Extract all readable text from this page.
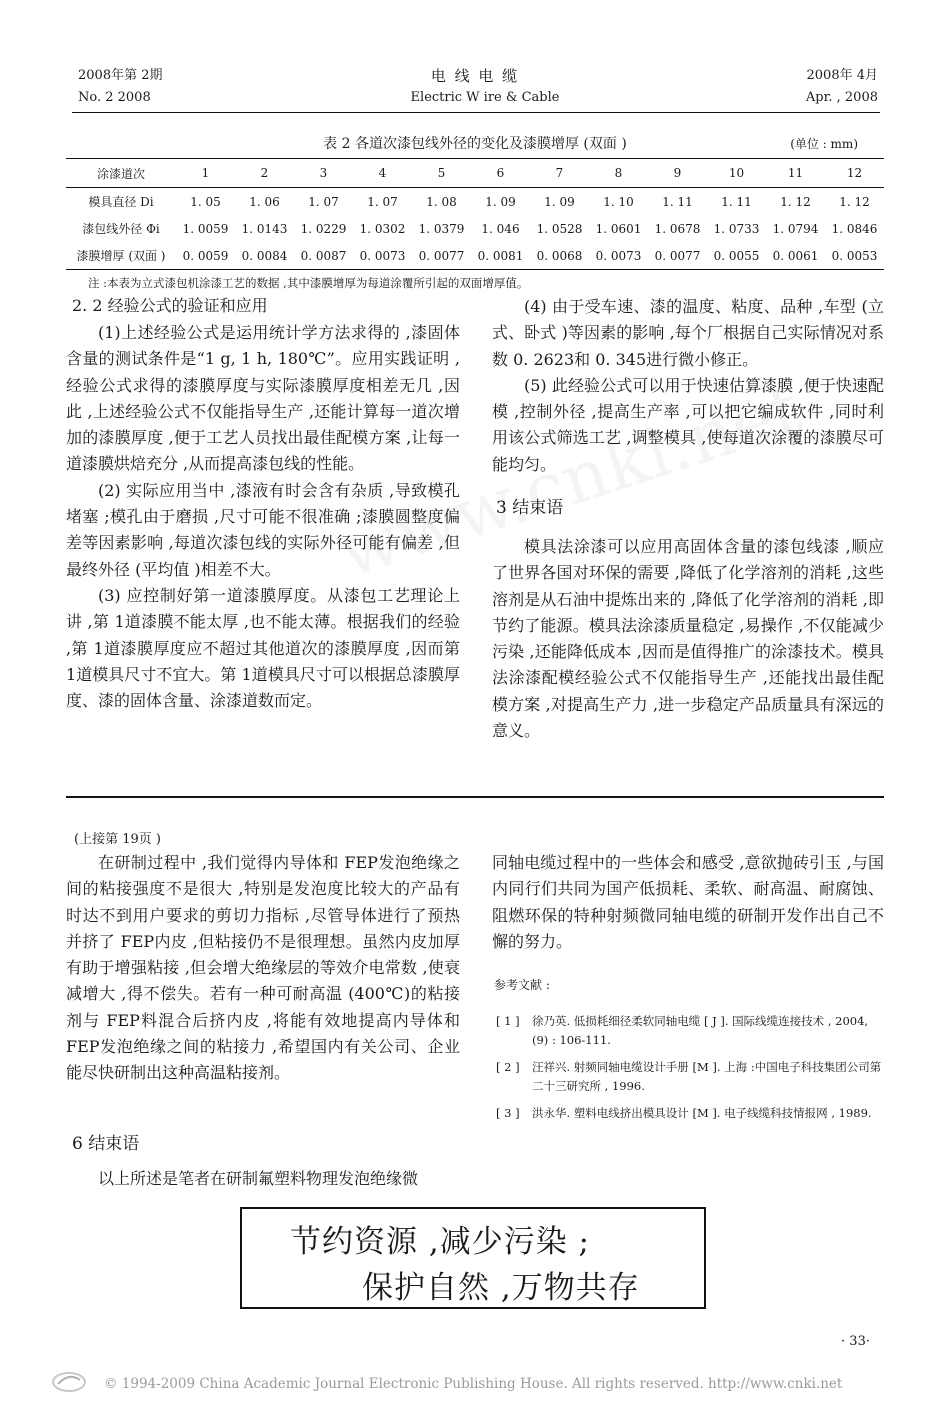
2008年第 2期
No. 2 2008
电 线 电 缆
Electric W ire & Cable
2008年 4月
Apr. , 2008
表 2 各道次漆包线外径的变化及漆膜增厚 (双面 )	(单位 : mm)
涂漆道次	1	2	3	4	5	6	7	8	9	10	11	12
模具直径 Di	1. 05	1. 06	1. 07	1. 07	1. 08	1. 09	1. 09	1. 10	1. 11	1. 11	1. 12	1. 12
漆包线外径 Φi	1. 0059	1. 0143	1. 0229	1. 0302	1. 0379	1. 046	1. 0528	1. 0601	1. 0678	1. 0733	1. 0794	1. 0846
漆膜增厚 (双面 )	0. 0059	0. 0084	0. 0087	0. 0073	0. 0077	0. 0081	0. 0068	0. 0073	0. 0077	0. 0055	0. 0061	0. 0053
注 :本表为立式漆包机涂漆工艺的数据 ,其中漆膜增厚为每道涂覆所引起的双面增厚值。
2. 2 经验公式的验证和应用

(1)上述经验公式是运用统计学方法求得的 ,漆固体含量的测试条件是“1 g, 1 h, 180℃”。应用实践证明 ,经验公式求得的漆膜厚度与实际漆膜厚度相差无几 ,因此 ,上述经验公式不仅能指导生产 ,还能计算每一道次增加的漆膜厚度 ,便于工艺人员找出最佳配模方案 ,让每一道漆膜烘焙充分 ,从而提高漆包线的性能。

(2) 实际应用当中 ,漆液有时会含有杂质 ,导致模孔堵塞 ;模孔由于磨损 ,尺寸可能不很准确 ;漆膜圆整度偏差等因素影响 ,每道次漆包线的实际外径可能有偏差 ,但最终外径 (平均值 )相差不大。

(3) 应控制好第一道漆膜厚度。从漆包工艺理论上讲 ,第 1道漆膜不能太厚 ,也不能太薄。根据我们的经验 ,第 1道漆膜厚度应不超过其他道次的漆膜厚度 ,因而第 1道模具尺寸不宜大。第 1道模具尺寸可以根据总漆膜厚度、漆的固体含量、涂漆道数而定。

(4) 由于受车速、漆的温度、粘度、品种 ,车型 (立式、卧式 )等因素的影响 ,每个厂根据自己实际情况对系数 0. 2623和 0. 345进行微小修正。

(5) 此经验公式可以用于快速估算漆膜 ,便于快速配模 ,控制外径 ,提高生产率 ,可以把它编成软件 ,同时利用该公式筛选工艺 ,调整模具 ,使每道次涂覆的漆膜尽可能均匀。

3 结束语

模具法涂漆可以应用高固体含量的漆包线漆 ,顺应了世界各国对环保的需要 ,降低了化学溶剂的消耗 ,这些溶剂是从石油中提炼出来的 ,降低了化学溶剂的消耗 ,即节约了能源。模具法涂漆质量稳定 ,易操作 ,不仅能减少污染 ,还能降低成本 ,因而是值得推广的涂漆技术。模具法涂漆配模经验公式不仅能指导生产 ,还能找出最佳配模方案 ,对提高生产力 ,进一步稳定产品质量具有深远的意义。

(上接第 19页 )

在研制过程中 ,我们觉得内导体和 FEP发泡绝缘之间的粘接强度不是很大 ,特别是发泡度比较大的产品有时达不到用户要求的剪切力指标 ,尽管导体进行了预热并挤了 FEP内皮 ,但粘接仍不是很理想。虽然内皮加厚有助于增强粘接 ,但会增大绝缘层的等效介电常数 ,使衰减增大 ,得不偿失。若有一种可耐高温 (400℃)的粘接剂与 FEP料混合后挤内皮 ,将能有效地提高内导体和 FEP发泡绝缘之间的粘接力 ,希望国内有关公司、企业能尽快研制出这种高温粘接剂。

6 结束语

以上所述是笔者在研制氟塑料物理发泡绝缘微

同轴电缆过程中的一些体会和感受 ,意欲抛砖引玉 ,与国内同行们共同为国产低损耗、柔软、耐高温、耐腐蚀、阻燃环保的特种射频微同轴电缆的研制开发作出自己不懈的努力。

参考文献 :
[ 1 ]	徐乃英. 低损耗细径柔软同轴电缆 [ J ]. 国际线缆连接技术 , 2004, (9) : 106-111.
[ 2 ]	汪祥兴. 射频同轴电缆设计手册 [M ]. 上海 :中国电子科技集团公司第二十三研究所 , 1996.
[ 3 ]	洪永华. 塑料电线挤出模具设计 [M ]. 电子线缆科技情报网 , 1989.
节约资源 ,减少污染 ;
保护自然 ,万物共存
· 33·
© 1994-2009 China Academic Journal Electronic Publishing House. All rights reserved. http://www.cnki.net
